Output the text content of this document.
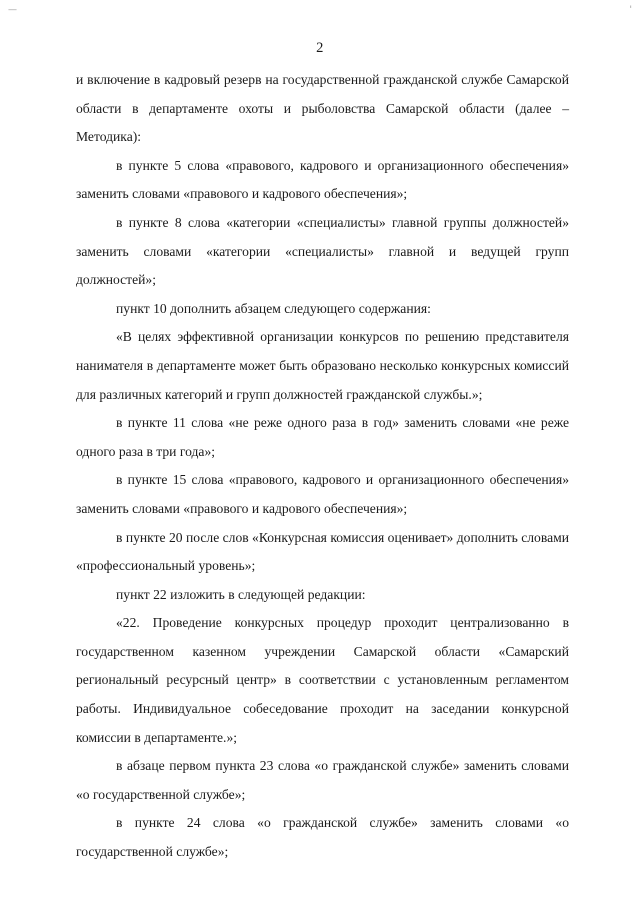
—	'
2

и включение в кадровый резерв на государственной гражданской службе Самарской области в департаменте охоты и рыболовства Самарской области (далее – Методика):

в пункте 5 слова «правового, кадрового и организационного обеспечения» заменить словами «правового и кадрового обеспечения»;

в пункте 8 слова «категории «специалисты» главной группы должностей» заменить словами «категории «специалисты» главной и ведущей групп должностей»;

пункт 10 дополнить абзацем следующего содержания:

«В целях эффективной организации конкурсов по решению представителя нанимателя в департаменте может быть образовано несколько конкурсных комиссий для различных категорий и групп должностей гражданской службы.»;

в пункте 11 слова «не реже одного раза в год» заменить словами «не реже одного раза в три года»;

в пункте 15 слова «правового, кадрового и организационного обеспечения» заменить словами «правового и кадрового обеспечения»;

в пункте 20 после слов «Конкурсная комиссия оценивает» дополнить словами «профессиональный уровень»;

пункт 22 изложить в следующей редакции:

«22. Проведение конкурсных процедур проходит централизованно в государственном казенном учреждении Самарской области «Самарский региональный ресурсный центр» в соответствии с установленным регламентом работы. Индивидуальное собеседование проходит на заседании конкурсной комиссии в департаменте.»;

в абзаце первом пункта 23 слова «о гражданской службе» заменить словами «о государственной службе»;

в пункте 24 слова «о гражданской службе» заменить словами «о государственной службе»;
